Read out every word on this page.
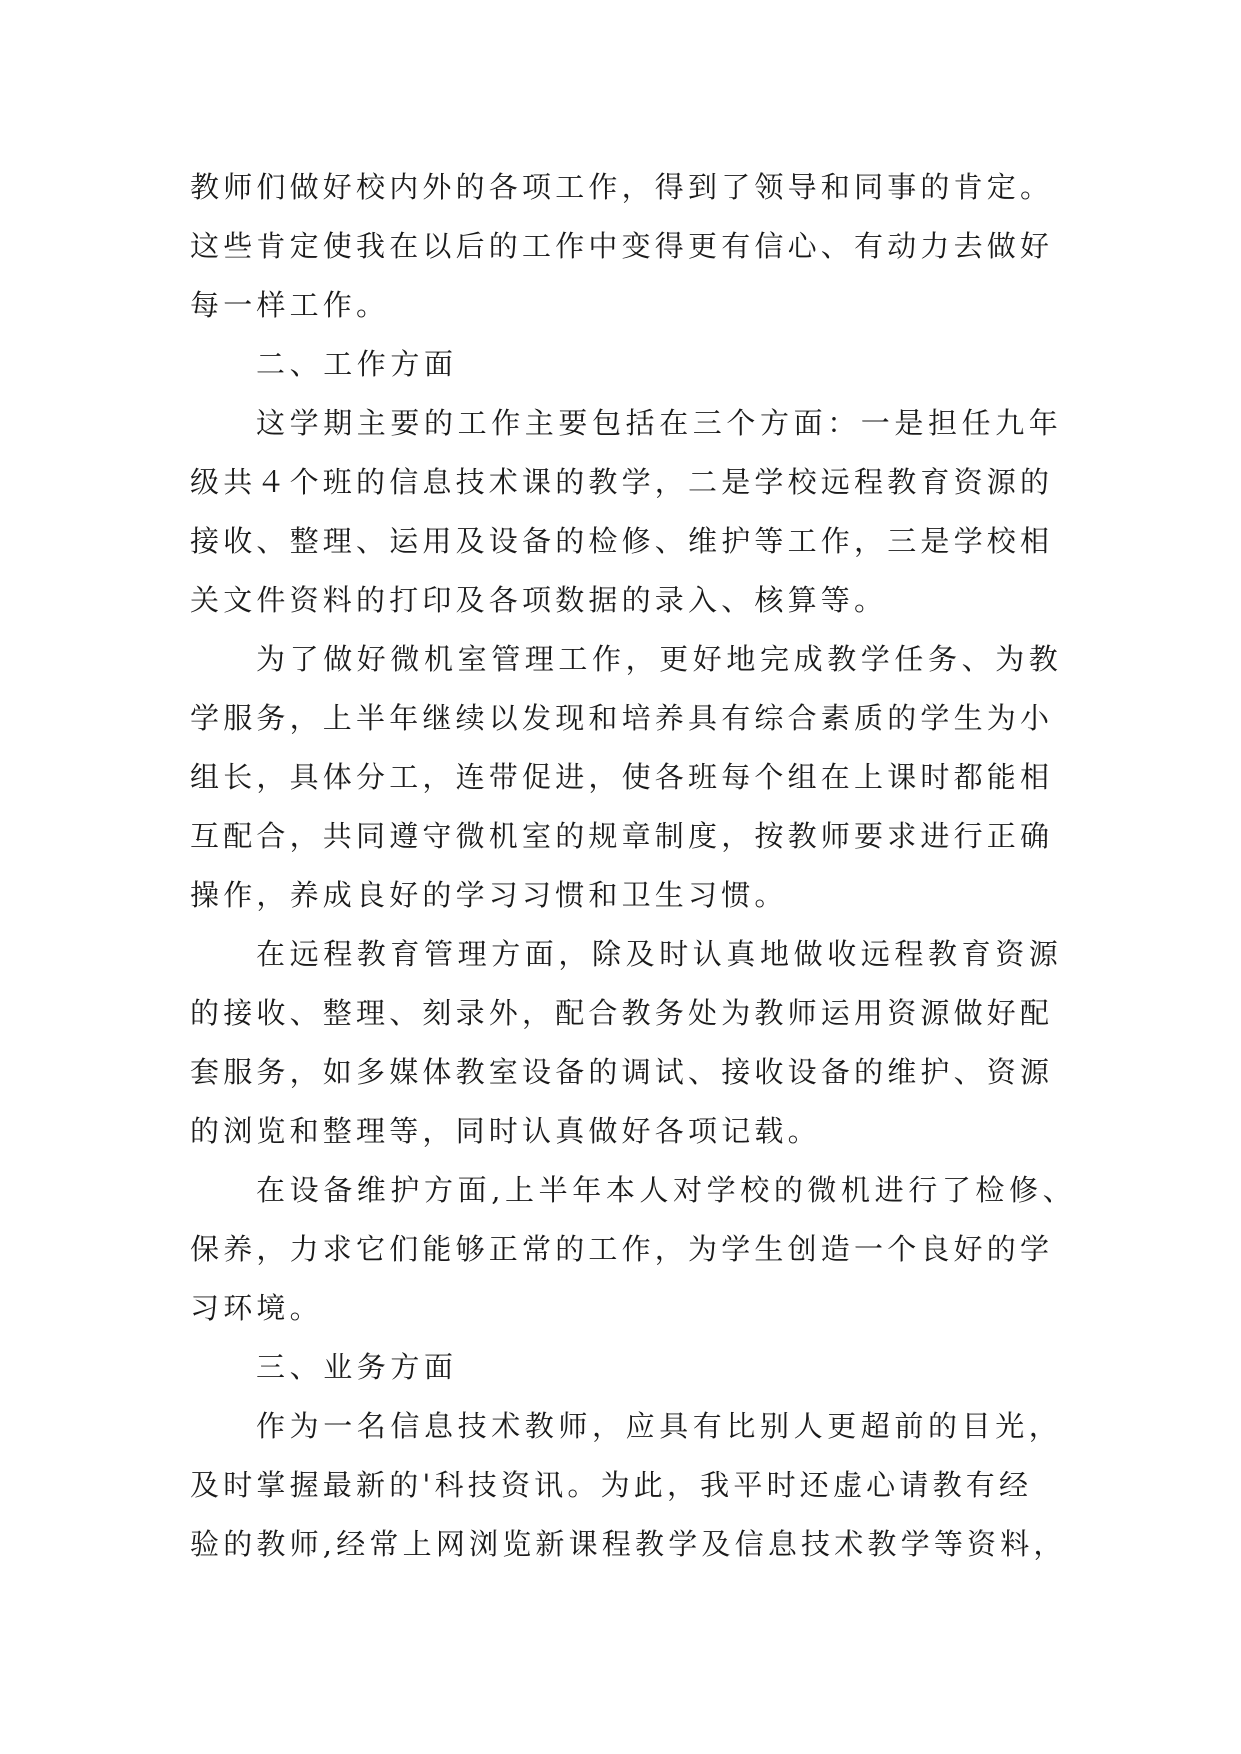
教师们做好校内外的各项工作，得到了领导和同事的肯定。
这些肯定使我在以后的工作中变得更有信心、有动力去做好
每一样工作。
二、工作方面
这学期主要的工作主要包括在三个方面：一是担任九年
级共４个班的信息技术课的教学，二是学校远程教育资源的
接收、整理、运用及设备的检修、维护等工作，三是学校相
关文件资料的打印及各项数据的录入、核算等。
为了做好微机室管理工作，更好地完成教学任务、为教
学服务，上半年继续以发现和培养具有综合素质的学生为小
组长，具体分工，连带促进，使各班每个组在上课时都能相
互配合，共同遵守微机室的规章制度，按教师要求进行正确
操作，养成良好的学习习惯和卫生习惯。
在远程教育管理方面，除及时认真地做收远程教育资源
的接收、整理、刻录外，配合教务处为教师运用资源做好配
套服务，如多媒体教室设备的调试、接收设备的维护、资源
的浏览和整理等，同时认真做好各项记载。
在设备维护方面,上半年本人对学校的微机进行了检修、
保养，力求它们能够正常的工作，为学生创造一个良好的学
习环境。
三、业务方面
作为一名信息技术教师，应具有比别人更超前的目光，
及时掌握最新的'科技资讯。为此，我平时还虚心请教有经
验的教师,经常上网浏览新课程教学及信息技术教学等资料，
